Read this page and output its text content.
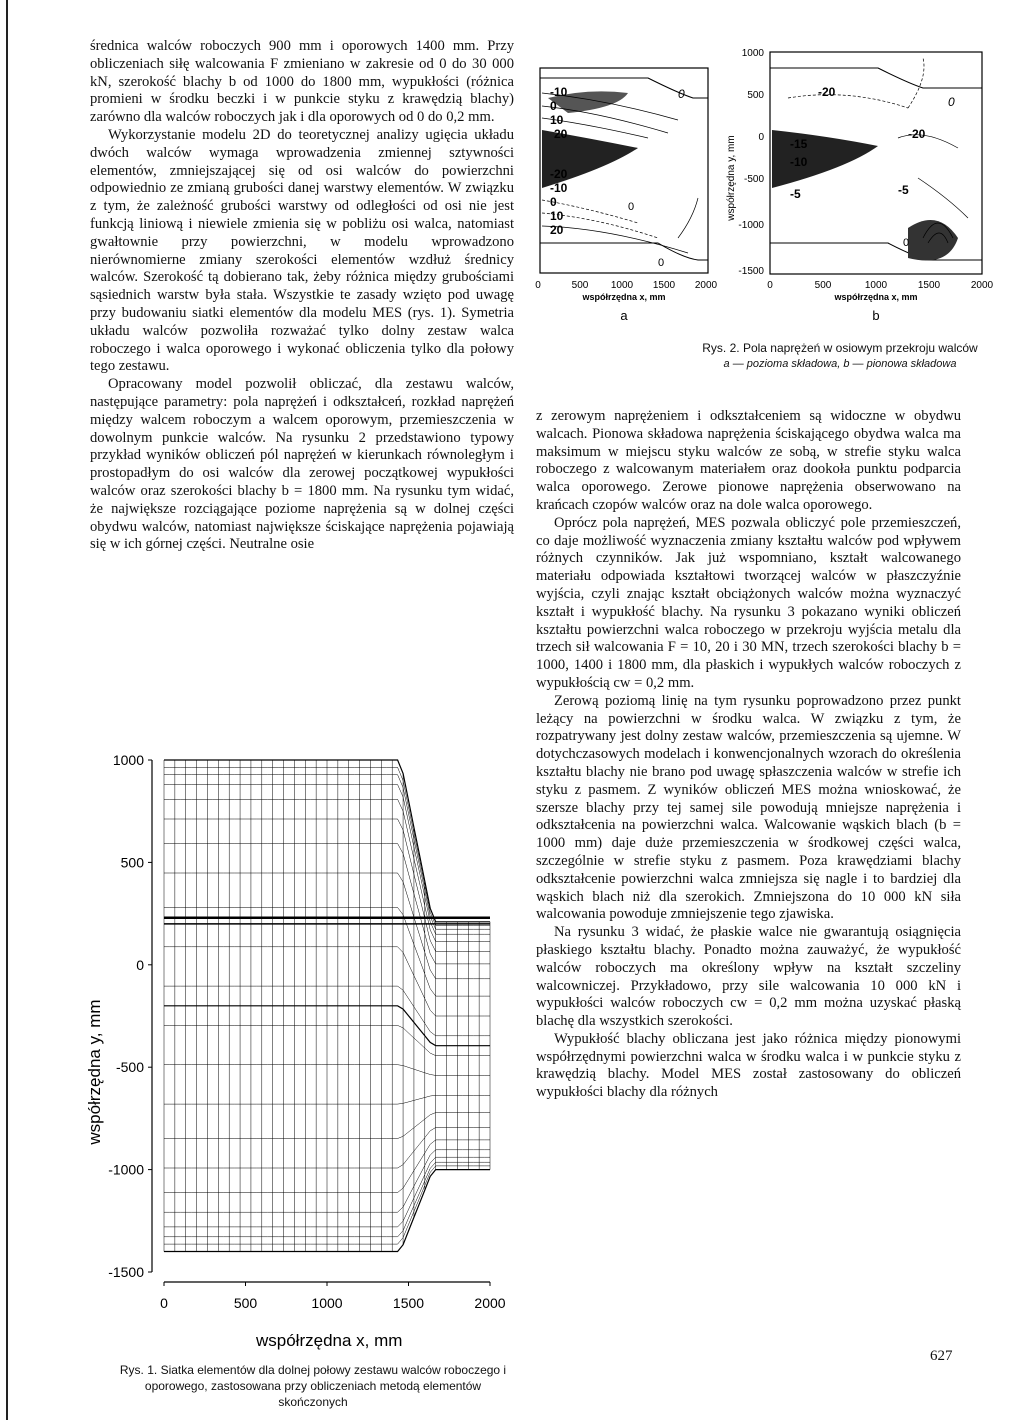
średnica walców roboczych 900 mm i oporowych 1400 mm. Przy obliczeniach siłę walcowania F zmieniano w zakresie od 0 do 30 000 kN, szerokość blachy b od 1000 do 1800 mm, wypukłości (różnica promieni w środku beczki i w punkcie styku z krawędzią blachy) zarówno dla walców roboczych jak i dla oporowych od 0 do 0,2 mm.

Wykorzystanie modelu 2D do teoretycznej analizy ugięcia układu dwóch walców wymaga wprowadzenia zmiennej sztywności elementów, zmniejszającej się od osi walców do powierzchni odpowiednio ze zmianą grubości danej warstwy elementów. W związku z tym, że zależność grubości warstwy od odległości od osi nie jest funkcją liniową i niewiele zmienia się w pobliżu osi walca, natomiast gwałtownie przy powierzchni, w modelu wprowadzono nierównomierne zmiany szerokości elementów wzdłuż średnicy walców. Szerokość tą dobierano tak, żeby różnica między grubościami sąsiednich warstw była stała. Wszystkie te zasady wzięto pod uwagę przy budowaniu siatki elementów dla modelu MES (rys. 1). Symetria układu walców pozwoliła rozważać tylko dolny zestaw walca roboczego i walca oporowego i wykonać obliczenia tylko dla połowy tego zestawu.

Opracowany model pozwolił obliczać, dla zestawu walców, następujące parametry: pola naprężeń i odkształceń, rozkład naprężeń między walcem roboczym a walcem oporowym, przemieszczenia w dowolnym punkcie walców. Na rysunku 2 przedstawiono typowy przykład wyników obliczeń pól naprężeń w kierunkach równoległym i prostopadłym do osi walców dla zerowej początkowej wypukłości walców oraz szerokości blachy b = 1800 mm. Na rysunku tym widać, że największe rozciągające poziome naprężenia są w dolnej części obydwu walców, natomiast największe ściskające naprężenia pojawiają się w ich górnej części. Neutralne osie

z zerowym naprężeniem i odkształceniem są widoczne w obydwu walcach. Pionowa składowa naprężenia ściskającego obydwa walca ma maksimum w miejscu styku walców ze sobą, w strefie styku walca roboczego z walcowanym materiałem oraz dookoła punktu podparcia walca oporowego. Zerowe pionowe naprężenia obserwowano na krańcach czopów walców oraz na dole walca oporowego.

Oprócz pola naprężeń, MES pozwala obliczyć pole przemieszczeń, co daje możliwość wyznaczenia zmiany kształtu walców pod wpływem różnych czynników. Jak już wspomniano, kształt walcowanego materiału odpowiada kształtowi tworzącej walców w płaszczyźnie wyjścia, czyli znając kształt obciążonych walców można wyznaczyć kształt i wypukłość blachy. Na rysunku 3 pokazano wyniki obliczeń kształtu powierzchni walca roboczego w przekroju wyjścia metalu dla trzech sił walcowania F = 10, 20 i 30 MN, trzech szerokości blachy b = 1000, 1400 i 1800 mm, dla płaskich i wypukłych walców roboczych z wypukłością cw = 0,2 mm.

Zerową poziomą linię na tym rysunku poprowadzono przez punkt leżący na powierzchni w środku walca. W związku z tym, że rozpatrywany jest dolny zestaw walców, przemieszczenia są ujemne. W dotychczasowych modelach i konwencjonalnych wzorach do określenia kształtu blachy nie brano pod uwagę spłaszczenia walców w strefie ich styku z pasmem. Z wyników obliczeń MES można wnioskować, że szersze blachy przy tej samej sile powodują mniejsze naprężenia i odkształcenia na powierzchni walca. Walcowanie wąskich blach (b = 1000 mm) daje duże przemieszczenia w środkowej części walca, szczególnie w strefie styku z pasmem. Poza krawędziami blachy odkształcenie powierzchni walca zmniejsza się nagle i to bardziej dla wąskich blach niż dla szerokich. Zmniejszona do 10 000 kN siła walcowania powoduje zmniejszenie tego zjawiska.

Na rysunku 3 widać, że płaskie walce nie gwarantują osiągnięcia płaskiego kształtu blachy. Ponadto można zauważyć, że wypukłość walców roboczych ma określony wpływ na kształt szczeliny walcowniczej. Przykładowo, przy sile walcowania 10 000 kN i wypukłości walców roboczych cw = 0,2 mm można uzyskać płaską blachę dla wszystkich szerokości.

Wypukłość blachy obliczana jest jako różnica między pionowymi współrzędnymi powierzchni walca w środku walca i w punkcie styku z krawędzią blachy. Model MES został zastosowany do obliczeń wypukłości blachy dla różnych

-10
0
10
20
0
-20
-10
0
10
20
0
0
0	500 1000 1500 2000
współrzędna x, mm
a
współrzędna y, mm
1000
500
0
-500
-1000
-1500
-20
0
-20
-15
-10
-5	-5
0
0	500	1000	1500	2000
współrzędna x, mm
b
Rys. 2. Pola naprężeń w osiowym przekroju walców
a — pozioma składowa, b — pionowa składowa
współrzędna y, mm
współrzędna x, mm
1000
500
0
-500
-1000
-1500
0	500	1000	1500	2000
Rys. 1. Siatka elementów dla dolnej połowy zestawu walców roboczego i oporowego, zastosowana przy obliczeniach metodą elementów skończonych
627
